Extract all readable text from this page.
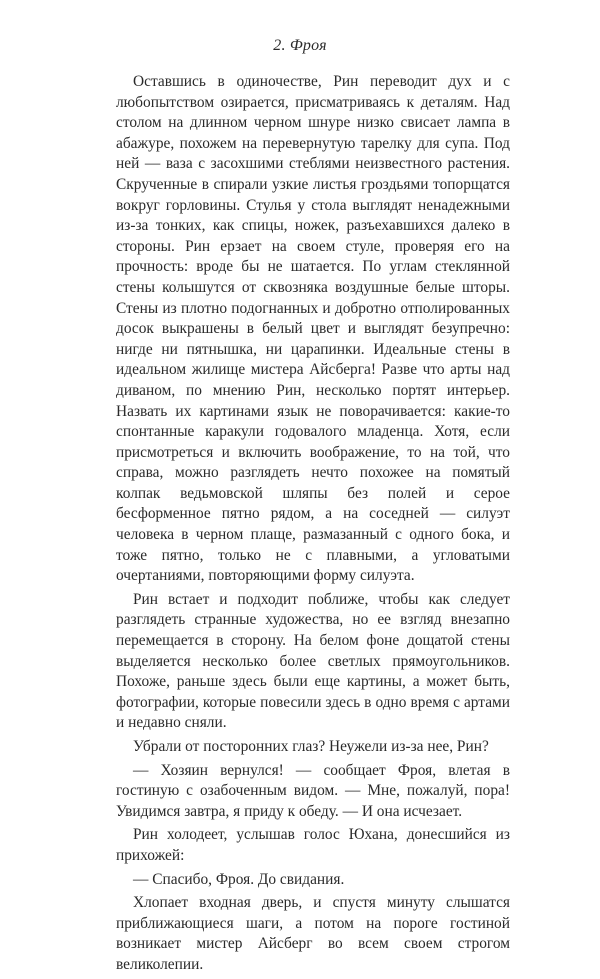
2. Фроя

Оставшись в одиночестве, Рин переводит дух и с любопытством озирается, присматриваясь к деталям. Над столом на длинном черном шнуре низко свисает лампа в абажуре, похожем на перевернутую тарелку для супа. Под ней — ваза с засохшими стеблями неизвестного растения. Скрученные в спирали узкие листья гроздьями топорщатся вокруг горловины. Стулья у стола выглядят ненадежными из-за тонких, как спицы, ножек, разъехавшихся далеко в стороны. Рин ерзает на своем стуле, проверяя его на прочность: вроде бы не шатается. По углам стеклянной стены колышутся от сквозняка воздушные белые шторы. Стены из плотно подогнанных и добротно отполированных досок выкрашены в белый цвет и выглядят безупречно: нигде ни пятнышка, ни царапинки. Идеальные стены в идеальном жилище мистера Айсберга! Разве что арты над диваном, по мнению Рин, несколько портят интерьер. Назвать их картинами язык не поворачивается: какие-то спонтанные каракули годовалого младенца. Хотя, если присмотреться и включить воображение, то на той, что справа, можно разглядеть нечто похожее на помятый колпак ведьмовской шляпы без полей и серое бесформенное пятно рядом, а на соседней — силуэт человека в черном плаще, размазанный с одного бока, и тоже пятно, только не с плавными, а угловатыми очертаниями, повторяющими форму силуэта.

Рин встает и подходит поближе, чтобы как следует разглядеть странные художества, но ее взгляд внезапно перемещается в сторону. На белом фоне дощатой стены выделяется несколько более светлых прямоугольников. Похоже, раньше здесь были еще картины, а может быть, фотографии, которые повесили здесь в одно время с артами и недавно сняли.

Убрали от посторонних глаз? Неужели из-за нее, Рин?

— Хозяин вернулся! — сообщает Фроя, влетая в гостиную с озабоченным видом. — Мне, пожалуй, пора! Увидимся завтра, я приду к обеду. — И она исчезает.

Рин холодеет, услышав голос Юхана, донесшийся из прихожей:

— Спасибо, Фроя. До свидания.

Хлопает входная дверь, и спустя минуту слышатся приближающиеся шаги, а потом на пороге гостиной возникает мистер Айсберг во всем своем строгом великолепии.
